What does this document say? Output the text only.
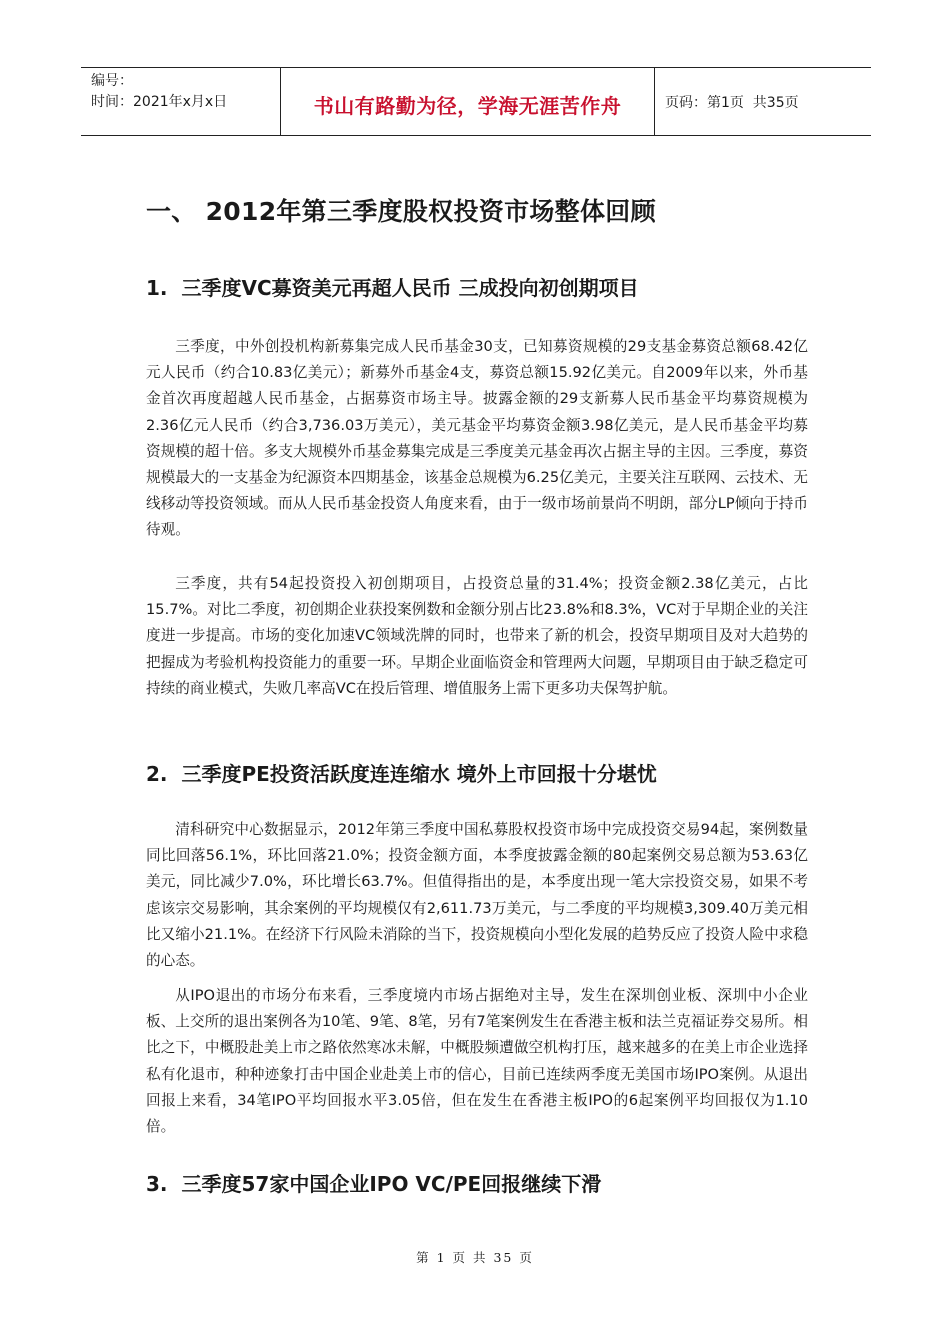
编号：
时间：2021年x月x日	书山有路勤为径，学海无涯苦作舟	页码：第1页  共35页
一、 2012年第三季度股权投资市场整体回顾
1. 三季度VC募资美元再超人民币 三成投向初创期项目

三季度，中外创投机构新募集完成人民币基金30支，已知募资规模的29支基金募资总额68.42亿元人民币（约合10.83亿美元）；新募外币基金4支，募资总额15.92亿美元。自2009年以来，外币基金首次再度超越人民币基金，占据募资市场主导。披露金额的29支新募人民币基金平均募资规模为2.36亿元人民币（约合3,736.03万美元），美元基金平均募资金额3.98亿美元，是人民币基金平均募资规模的超十倍。多支大规模外币基金募集完成是三季度美元基金再次占据主导的主因。三季度，募资规模最大的一支基金为纪源资本四期基金，该基金总规模为6.25亿美元，主要关注互联网、云技术、无线移动等投资领域。而从人民币基金投资人角度来看，由于一级市场前景尚不明朗，部分LP倾向于持币待观。

三季度，共有54起投资投入初创期项目，占投资总量的31.4%；投资金额2.38亿美元，占比15.7%。对比二季度，初创期企业获投案例数和金额分别占比23.8%和8.3%，VC对于早期企业的关注度进一步提高。市场的变化加速VC领域洗牌的同时，也带来了新的机会，投资早期项目及对大趋势的把握成为考验机构投资能力的重要一环。早期企业面临资金和管理两大问题，早期项目由于缺乏稳定可持续的商业模式，失败几率高VC在投后管理、增值服务上需下更多功夫保驾护航。

2. 三季度PE投资活跃度连连缩水 境外上市回报十分堪忧

清科研究中心数据显示，2012年第三季度中国私募股权投资市场中完成投资交易94起，案例数量同比回落56.1%，环比回落21.0%；投资金额方面，本季度披露金额的80起案例交易总额为53.63亿美元，同比减少7.0%，环比增长63.7%。但值得指出的是，本季度出现一笔大宗投资交易，如果不考虑该宗交易影响，其余案例的平均规模仅有2,611.73万美元，与二季度的平均规模3,309.40万美元相比又缩小21.1%。在经济下行风险未消除的当下，投资规模向小型化发展的趋势反应了投资人险中求稳的心态。

从IPO退出的市场分布来看，三季度境内市场占据绝对主导，发生在深圳创业板、深圳中小企业板、上交所的退出案例各为10笔、9笔、8笔，另有7笔案例发生在香港主板和法兰克福证券交易所。相比之下，中概股赴美上市之路依然寒冰未解，中概股频遭做空机构打压，越来越多的在美上市企业选择私有化退市，种种迹象打击中国企业赴美上市的信心，目前已连续两季度无美国市场IPO案例。从退出回报上来看，34笔IPO平均回报水平3.05倍，但在发生在香港主板IPO的6起案例平均回报仅为1.10倍。

3. 三季度57家中国企业IPO VC/PE回报继续下滑
第 1 页 共 35 页
